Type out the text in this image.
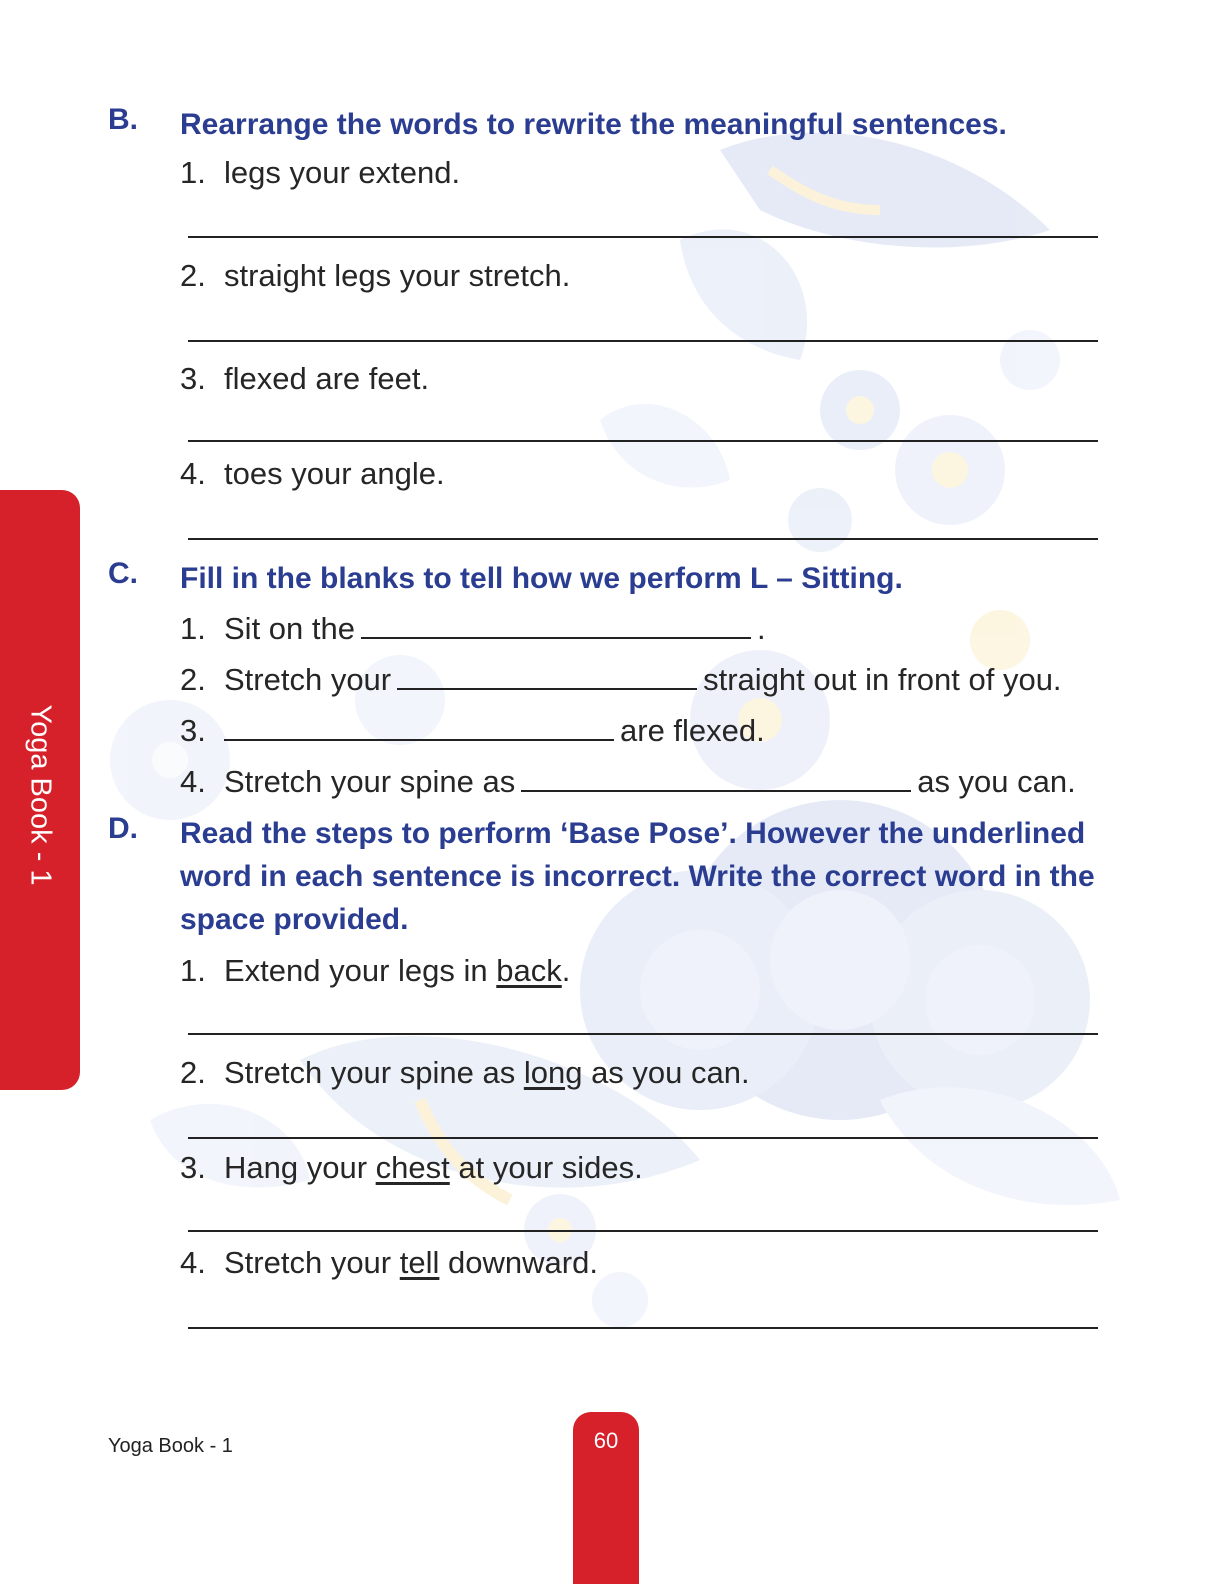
Yoga Book - 1
B. Rearrange the words to rewrite the meaningful sentences.
1. legs your extend.
2. straight legs your stretch.
3. flexed are feet.
4. toes your angle.
C. Fill in the blanks to tell how we perform L – Sitting.
1. Sit on the	.
2. Stretch your	straight out in front of you.
3.	are flexed.
4. Stretch your spine as	as you can.
D. Read the steps to perform ‘Base Pose’. However the underlined word in each sentence is incorrect. Write the correct word in the space provided.
1. Extend your legs in back.
2. Stretch your spine as long as you can.
3. Hang your chest at your sides.
4. Stretch your tell downward.
Yoga Book - 1	60
